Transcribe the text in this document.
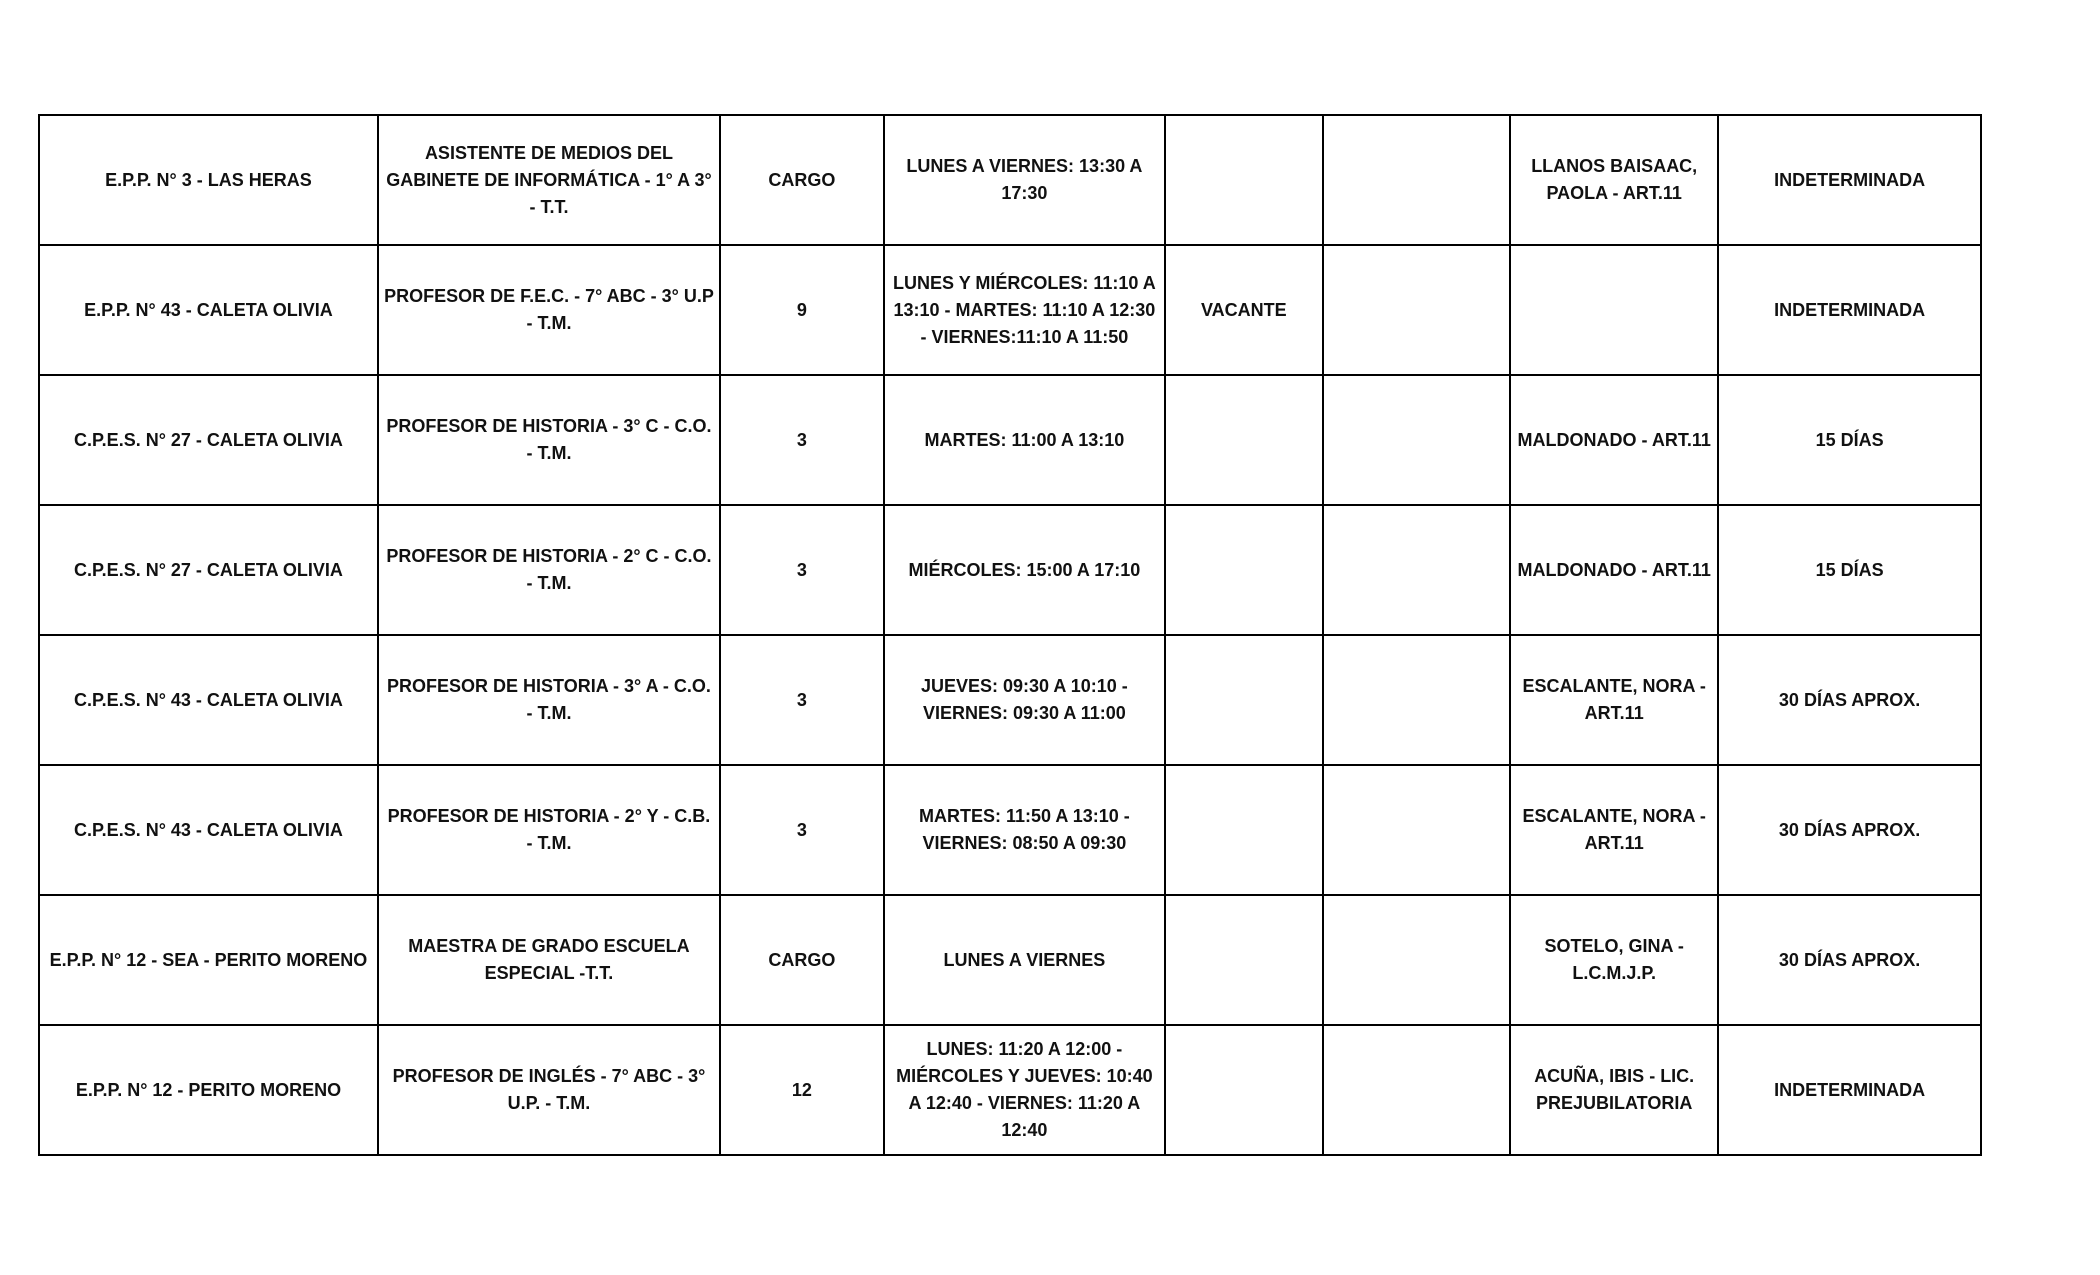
E.P.P. N° 3 - LAS HERAS	ASISTENTE DE MEDIOS DEL GABINETE DE INFORMÁTICA - 1° A 3° - T.T.	CARGO	LUNES A VIERNES: 13:30 A 17:30			LLANOS BAISAAC, PAOLA - ART.11	INDETERMINADA
E.P.P. N° 43 - CALETA OLIVIA	PROFESOR DE F.E.C. - 7° ABC - 3° U.P - T.M.	9	LUNES Y MIÉRCOLES: 11:10 A 13:10 - MARTES: 11:10 A 12:30 - VIERNES:11:10 A 11:50	VACANTE			INDETERMINADA
C.P.E.S. N° 27 - CALETA OLIVIA	PROFESOR DE HISTORIA - 3° C - C.O. - T.M.	3	MARTES: 11:00 A 13:10			MALDONADO - ART.11	15 DÍAS
C.P.E.S. N° 27 - CALETA OLIVIA	PROFESOR DE HISTORIA - 2° C - C.O. - T.M.	3	MIÉRCOLES: 15:00 A 17:10			MALDONADO - ART.11	15 DÍAS
C.P.E.S. N° 43 - CALETA OLIVIA	PROFESOR DE HISTORIA - 3° A - C.O. - T.M.	3	JUEVES: 09:30 A 10:10 - VIERNES: 09:30 A 11:00			ESCALANTE, NORA - ART.11	30 DÍAS APROX.
C.P.E.S. N° 43 - CALETA OLIVIA	PROFESOR DE HISTORIA - 2° Y - C.B. - T.M.	3	MARTES: 11:50 A 13:10 - VIERNES: 08:50 A 09:30			ESCALANTE, NORA - ART.11	30 DÍAS APROX.
E.P.P. N° 12 - SEA - PERITO MORENO	MAESTRA DE GRADO ESCUELA ESPECIAL -T.T.	CARGO	LUNES A VIERNES			SOTELO, GINA - L.C.M.J.P.	30 DÍAS APROX.
E.P.P. N° 12 - PERITO MORENO	PROFESOR DE INGLÉS - 7° ABC - 3° U.P. - T.M.	12	LUNES: 11:20 A 12:00 - MIÉRCOLES Y JUEVES: 10:40 A 12:40 - VIERNES: 11:20 A 12:40			ACUÑA, IBIS - LIC. PREJUBILATORIA	INDETERMINADA
